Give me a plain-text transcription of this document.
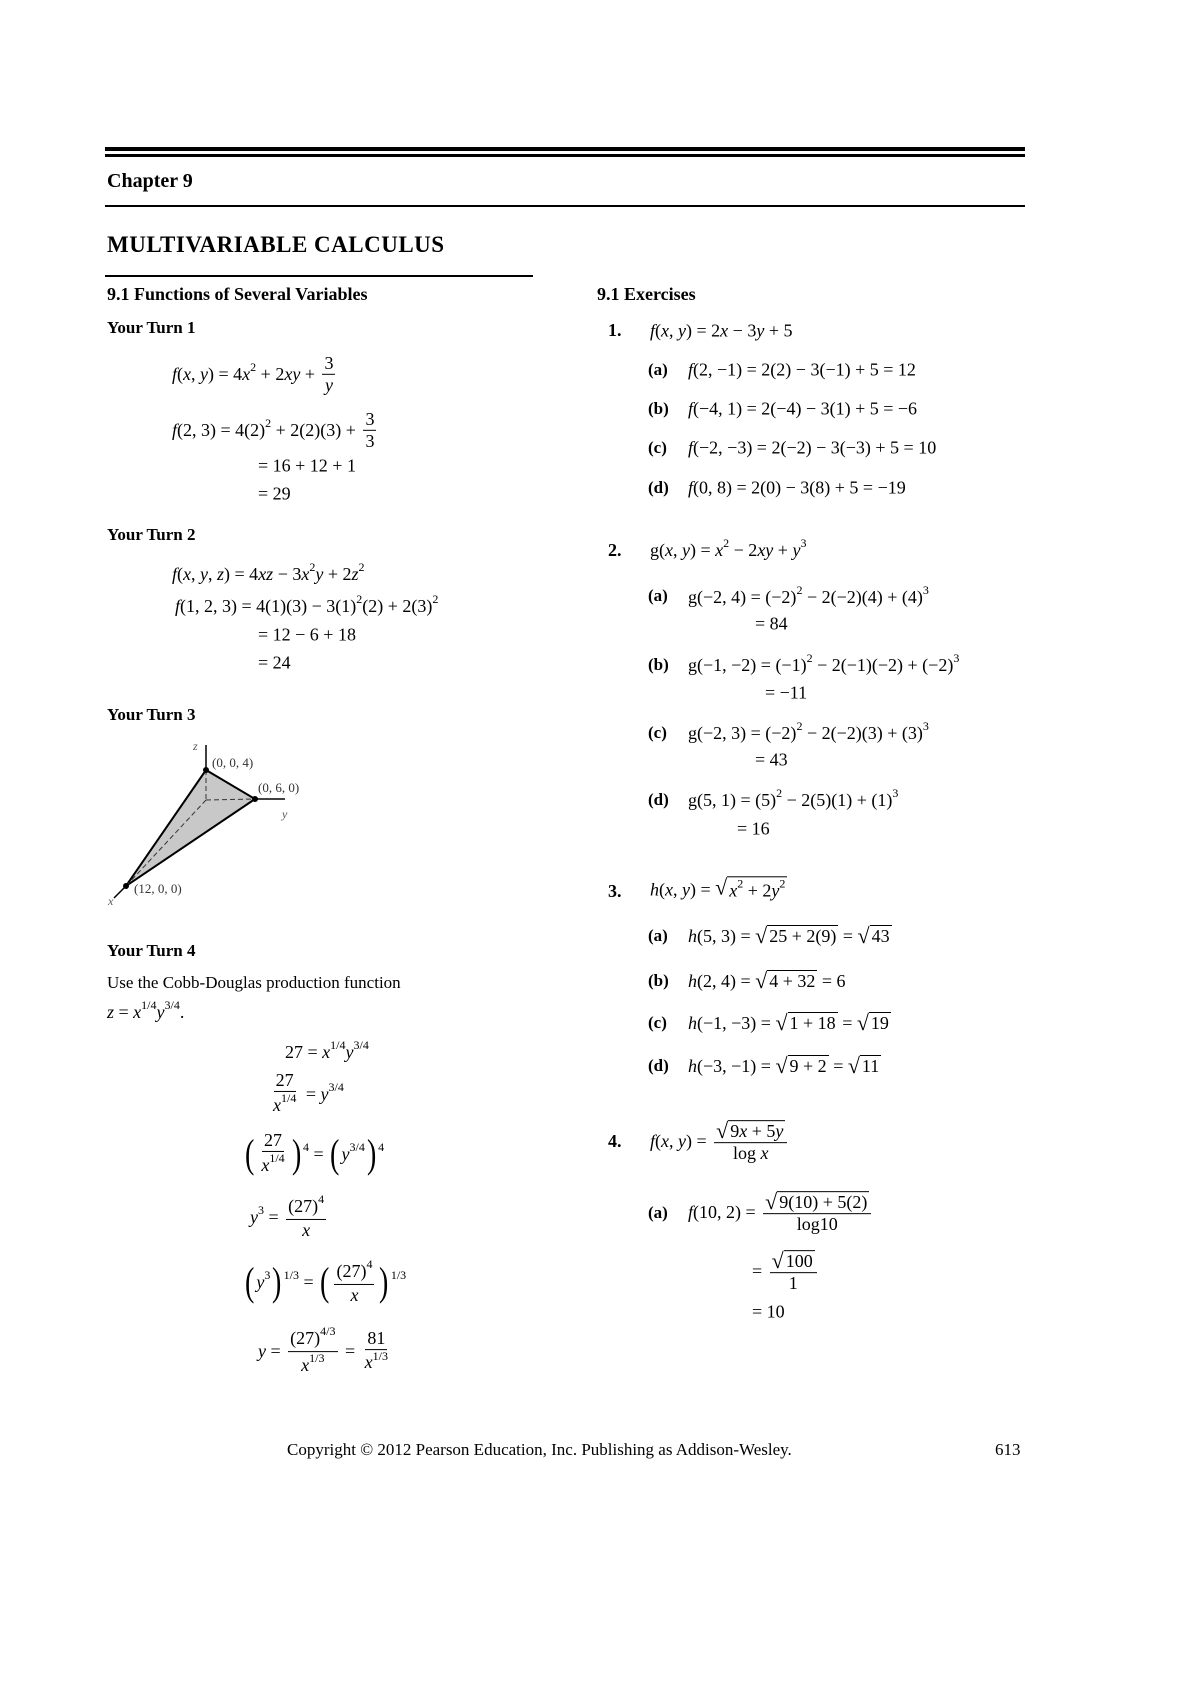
Chapter 9
MULTIVARIABLE CALCULUS
9.1 Functions of Several Variables
Your Turn 1
f ( x , y ) = 4 x 2 + 2 xy + $\frac{3}{y}$
f (2, 3) = 4(2) $2 + 2(2)(3) + \frac{3}{3}$
= 16 + 12 + 1
= 29
Your Turn 2
f ( x , y , z ) = 4 xz − 3 x 2 y + 2 z 2
f (1, 2, 3) = 4(1)(3) − 3(1) 2 (2) + 2(3) 2
= 12 − 6 + 18
= 24
Your Turn 3
z
y
x
(0, 0, 4)
(0, 6, 0)
(12, 0, 0)
Your Turn 4
Use the Cobb-Douglas production function
z = x 1/4 y 3/4 .
27 = x 1/4 y 3/4
$\frac{27}{x 1/4} = y$ 3/4
( $\frac{27}{x 1/4}$ ) 4 = ( y 3/4 ) 4
y $3 = \frac{(27) 4}{x}$
( y 3 ) 1/3 = ( $\frac{(27) 4}{x}$ ) 1/3
$y = \frac{(27) 4/3}{x 1/3} = \frac{81}{x 1/3}$
9.1 Exercises
1. f ( x , y ) = 2 x − 3 y + 5
(a) f (2, −1) = 2(2) − 3(−1) + 5 = 12
(b) f (−4, 1) = 2(−4) − 3(1) + 5 = −6
(c) f (−2, −3) = 2(−2) − 3(−3) + 5 = 10
(d) f (0, 8) = 2(0) − 3(8) + 5 = −19
2. g( x , y ) = x 2 − 2 xy + y 3
(a) g(−2, 4) = (−2) 2 − 2(−2)(4) + (4) 3
= 84
(b) g(−1, −2) = (−1) 2 − 2(−1)(−2) + (−2) 3
= −11
(c) g(−2, 3) = (−2) 2 − 2(−2)(3) + (3) 3
= 43
(d) g(5, 1) = (5) 2 − 2(5)(1) + (1) 3
= 16
3. h ( x , y ) = √ x 2 + 2 y 2
(a) h (5, 3) = √ 25 + 2(9) = √ 43
(b) h (2, 4) = √ 4 + 32 = 6
(c) h (−1, −3) = √ 1 + 18 = √ 19
(d) h (−3, −1) = √ 9 + 2 = √ 11
4. f ( x , y ) = $\frac{√ 9 x + 5 y}{\text{log x}}$
(a) f (10, $2) = \frac{√ 9(10) + 5(2)}{\log 10}$
= $\frac{√ 100}{1}$
= 10
Copyright © 2012 Pearson Education, Inc. Publishing as Addison-Wesley.	613
